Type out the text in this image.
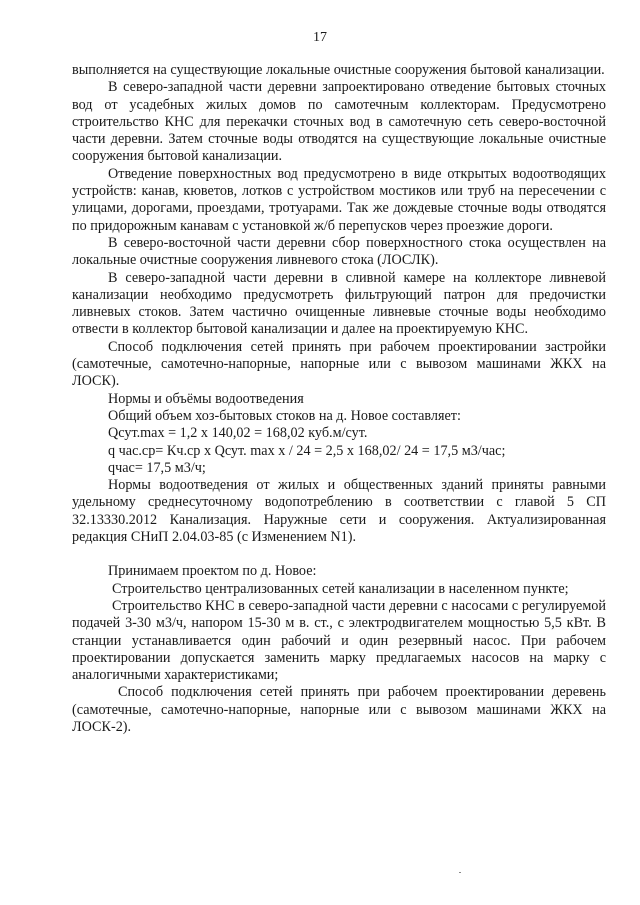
17

выполняется на существующие локальные очистные сооружения бытовой канализации.

В северо-западной части деревни запроектировано отведение бытовых сточных вод от усадебных жилых домов по самотечным коллекторам. Предусмотрено строительство КНС для перекачки сточных вод в самотечную сеть северо-восточной части деревни. Затем сточные воды отводятся на существующие локальные очистные сооружения бытовой канализации.

Отведение поверхностных вод предусмотрено в виде открытых водоотводящих устройств: канав, кюветов, лотков с устройством мостиков или труб на пересечении с улицами, дорогами, проездами, тротуарами. Так же дождевые сточные воды отводятся по придорожным канавам с установкой ж/б перепусков через проезжие дороги.

В северо-восточной части деревни сбор поверхностного стока осуществлен на локальные очистные сооружения ливневого стока (ЛОСЛК).

В северо-западной части деревни в сливной камере на коллекторе ливневой канализации необходимо предусмотреть фильтрующий патрон для предочистки ливневых стоков. Затем частично очищенные ливневые сточные воды необходимо отвести в коллектор бытовой канализации и далее на проектируемую КНС.

Способ подключения сетей принять при рабочем проектировании застройки (самотечные, самотечно-напорные, напорные или с вывозом машинами ЖКХ на ЛОСК).

Нормы и объёмы водоотведения

Общий объем хоз-бытовых стоков на д. Новое составляет:

Qсут.max = 1,2 х 140,02 = 168,02 куб.м/сут.

q час.ср= Кч.ср х Qсут. max х / 24 = 2,5 х 168,02/ 24 = 17,5 м3/час;

qчас= 17,5 м3/ч;

Нормы водоотведения от жилых и общественных зданий приняты равными удельному среднесуточному водопотреблению в соответствии с главой 5 СП 32.13330.2012 Канализация. Наружные сети и сооружения. Актуализированная редакция СНиП 2.04.03-85 (с Изменением N1).

Принимаем проектом по д. Новое:

Строительство централизованных сетей канализации в населенном пункте;

Строительство КНС в северо-западной части деревни с насосами с регулируемой подачей 3-30 м3/ч, напором 15-30 м в. ст., с электродвигателем мощностью 5,5 кВт. В станции устанавливается один рабочий и один резервный насос. При рабочем проектировании допускается заменить марку предлагаемых насосов на марку с аналогичными характеристиками;

Способ подключения сетей принять при рабочем проектировании деревень (самотечные, самотечно-напорные, напорные или с вывозом машинами ЖКХ на ЛОСК-2).
